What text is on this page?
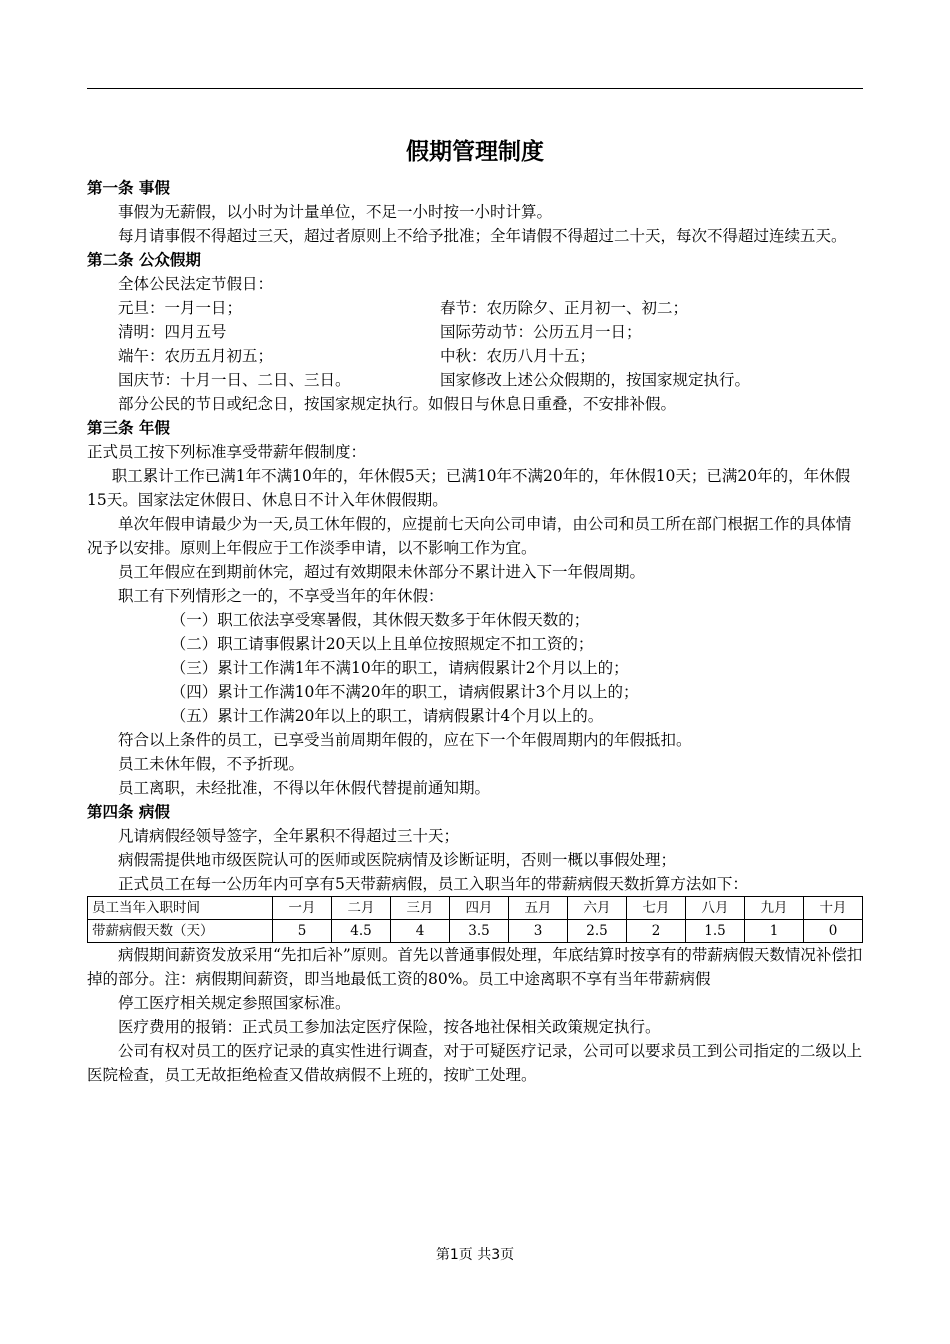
假期管理制度

第一条 事假

事假为无薪假，以小时为计量单位，不足一小时按一小时计算。

每月请事假不得超过三天，超过者原则上不给予批准；全年请假不得超过二十天，每次不得超过连续五天。

第二条 公众假期

全体公民法定节假日：

元旦：一月一日；	春节：农历除夕、正月初一、初二；
清明：四月五号	国际劳动节：公历五月一日；
端午：农历五月初五；	中秋：农历八月十五；
国庆节：十月一日、二日、三日。	国家修改上述公众假期的，按国家规定执行。

部分公民的节日或纪念日，按国家规定执行。如假日与休息日重叠，不安排补假。

第三条 年假

正式员工按下列标准享受带薪年假制度：

职工累计工作已满1年不满10年的，年休假5天；已满10年不满20年的，年休假10天；已满20年的，年休假15天。国家法定休假日、休息日不计入年休假假期。

单次年假申请最少为一天,员工休年假的，应提前七天向公司申请，由公司和员工所在部门根据工作的具体情况予以安排。原则上年假应于工作淡季申请，以不影响工作为宜。

员工年假应在到期前休完，超过有效期限未休部分不累计进入下一年假周期。

职工有下列情形之一的，不享受当年的年休假：

（一）职工依法享受寒暑假，其休假天数多于年休假天数的；

（二）职工请事假累计20天以上且单位按照规定不扣工资的；

（三）累计工作满1年不满10年的职工，请病假累计2个月以上的；

（四）累计工作满10年不满20年的职工，请病假累计3个月以上的；

（五）累计工作满20年以上的职工，请病假累计4个月以上的。

符合以上条件的员工，已享受当前周期年假的，应在下一个年假周期内的年假抵扣。

员工未休年假，不予折现。

员工离职，未经批准，不得以年休假代替提前通知期。

第四条 病假

凡请病假经领导签字，全年累积不得超过三十天；

病假需提供地市级医院认可的医师或医院病情及诊断证明，否则一概以事假处理；

正式员工在每一公历年内可享有5天带薪病假，员工入职当年的带薪病假天数折算方法如下：

员工当年入职时间	一月	二月	三月	四月	五月	六月	七月	八月	九月	十月
带薪病假天数（天）	5	4.5	4	3.5	3	2.5	2	1.5	1	0

病假期间薪资发放采用“先扣后补”原则。首先以普通事假处理，年底结算时按享有的带薪病假天数情况补偿扣掉的部分。注：病假期间薪资，即当地最低工资的80%。员工中途离职不享有当年带薪病假

停工医疗相关规定参照国家标准。

医疗费用的报销：正式员工参加法定医疗保险，按各地社保相关政策规定执行。

公司有权对员工的医疗记录的真实性进行调查，对于可疑医疗记录，公司可以要求员工到公司指定的二级以上医院检查，员工无故拒绝检查又借故病假不上班的，按旷工处理。

第1页 共3页
